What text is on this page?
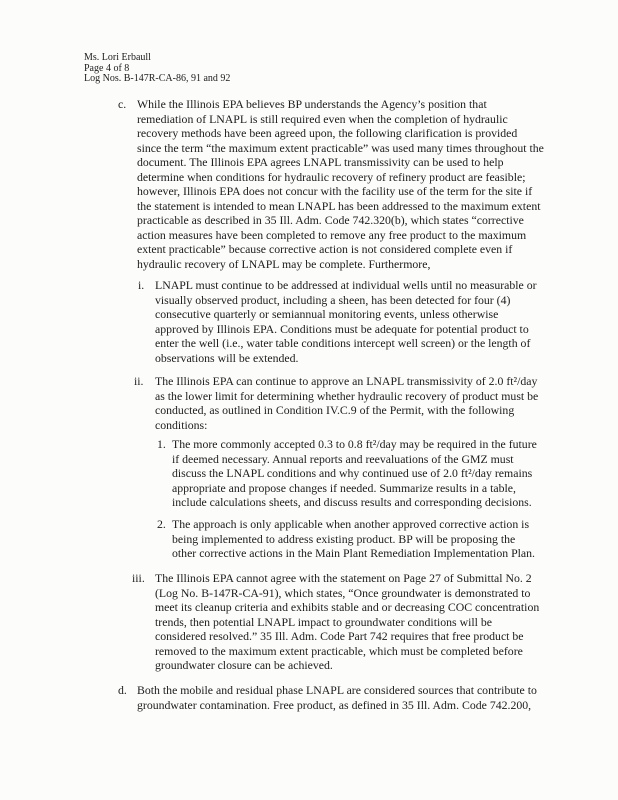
Ms. Lori Erbaull
Page 4 of 8
Log Nos. B-147R-CA-86, 91 and 92
c. While the Illinois EPA believes BP understands the Agency’s position that
remediation of LNAPL is still required even when the completion of hydraulic
recovery methods have been agreed upon, the following clarification is provided
since the term “the maximum extent practicable” was used many times throughout the
document. The Illinois EPA agrees LNAPL transmissivity can be used to help
determine when conditions for hydraulic recovery of refinery product are feasible;
however, Illinois EPA does not concur with the facility use of the term for the site if
the statement is intended to mean LNAPL has been addressed to the maximum extent
practicable as described in 35 Ill. Adm. Code 742.320(b), which states “corrective
action measures have been completed to remove any free product to the maximum
extent practicable” because corrective action is not considered complete even if
hydraulic recovery of LNAPL may be complete. Furthermore,
i. LNAPL must continue to be addressed at individual wells until no measurable or
visually observed product, including a sheen, has been detected for four (4)
consecutive quarterly or semiannual monitoring events, unless otherwise
approved by Illinois EPA. Conditions must be adequate for potential product to
enter the well (i.e., water table conditions intercept well screen) or the length of
observations will be extended.
ii. The Illinois EPA can continue to approve an LNAPL transmissivity of 2.0 ft²/day
as the lower limit for determining whether hydraulic recovery of product must be
conducted, as outlined in Condition IV.C.9 of the Permit, with the following
conditions:
1. The more commonly accepted 0.3 to 0.8 ft²/day may be required in the future
if deemed necessary. Annual reports and reevaluations of the GMZ must
discuss the LNAPL conditions and why continued use of 2.0 ft²/day remains
appropriate and propose changes if needed. Summarize results in a table,
include calculations sheets, and discuss results and corresponding decisions.
2. The approach is only applicable when another approved corrective action is
being implemented to address existing product. BP will be proposing the
other corrective actions in the Main Plant Remediation Implementation Plan.
iii. The Illinois EPA cannot agree with the statement on Page 27 of Submittal No. 2
(Log No. B-147R-CA-91), which states, “Once groundwater is demonstrated to
meet its cleanup criteria and exhibits stable and or decreasing COC concentration
trends, then potential LNAPL impact to groundwater conditions will be
considered resolved.” 35 Ill. Adm. Code Part 742 requires that free product be
removed to the maximum extent practicable, which must be completed before
groundwater closure can be achieved.
d. Both the mobile and residual phase LNAPL are considered sources that contribute to
groundwater contamination. Free product, as defined in 35 Ill. Adm. Code 742.200,
